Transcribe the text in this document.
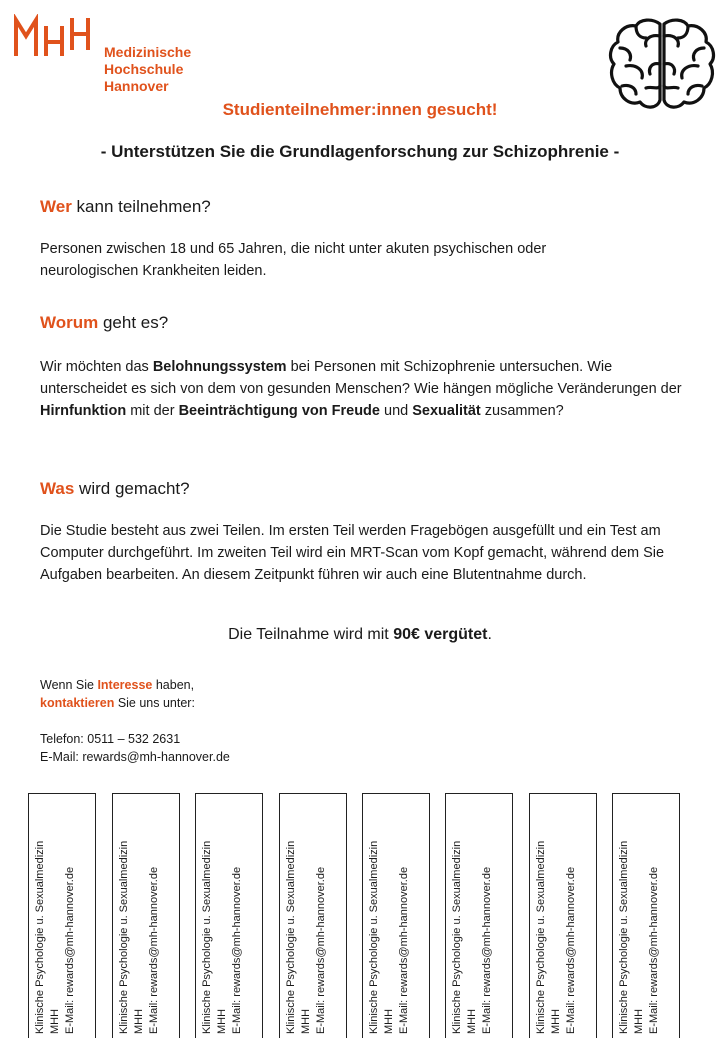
Medizinische Hochschule
Hannover
Studienteilnehmer:innen gesucht!
- Unterstützen Sie die Grundlagenforschung zur Schizophrenie -
Wer kann teilnehmen?
Personen zwischen 18 und 65 Jahren, die nicht unter akuten psychischen oder neurologischen Krankheiten leiden.
Worum geht es?
Wir möchten das Belohnungssystem bei Personen mit Schizophrenie untersuchen. Wie unterscheidet es sich von dem von gesunden Menschen? Wie hängen mögliche Veränderungen der Hirnfunktion mit der Beeinträchtigung von Freude und Sexualität zusammen?
Was wird gemacht?
Die Studie besteht aus zwei Teilen. Im ersten Teil werden Fragebögen ausgefüllt und ein Test am Computer durchgeführt. Im zweiten Teil wird ein MRT-Scan vom Kopf gemacht, während dem Sie Aufgaben bearbeiten. An diesem Zeitpunkt führen wir auch eine Blutentnahme durch.
Die Teilnahme wird mit 90€ vergütet.
Wenn Sie Interesse haben,
kontaktieren Sie uns unter:
Telefon: 0511 – 532 2631
E-Mail: rewards@mh-hannover.de
Klinische Psychologie u. Sexualmedizin MHH E-Mail: rewards@mh-hannover.de	Klinische Psychologie u. Sexualmedizin MHH E-Mail: rewards@mh-hannover.de	Klinische Psychologie u. Sexualmedizin MHH E-Mail: rewards@mh-hannover.de	Klinische Psychologie u. Sexualmedizin MHH E-Mail: rewards@mh-hannover.de	Klinische Psychologie u. Sexualmedizin MHH E-Mail: rewards@mh-hannover.de	Klinische Psychologie u. Sexualmedizin MHH E-Mail: rewards@mh-hannover.de	Klinische Psychologie u. Sexualmedizin MHH E-Mail: rewards@mh-hannover.de	Klinische Psychologie u. Sexualmedizin MHH E-Mail: rewards@mh-hannover.de
